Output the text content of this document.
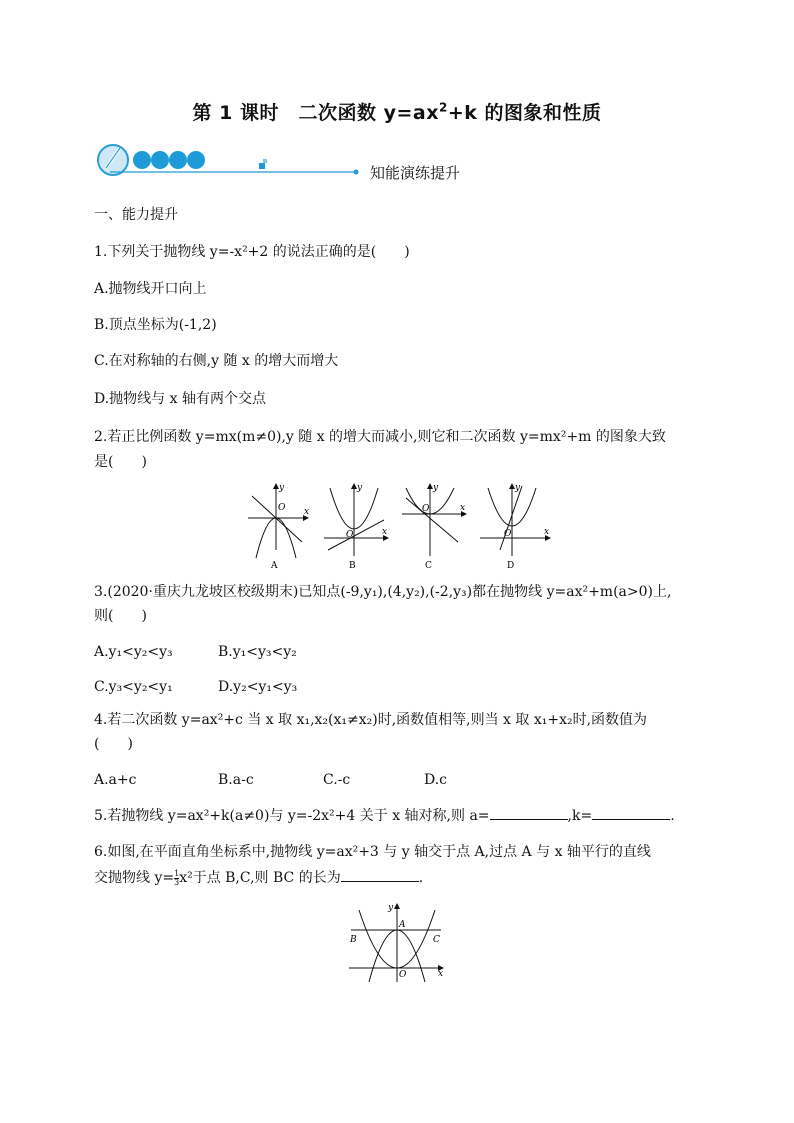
第 1 课时　二次函数 $y=ax^2+k$ 的图象和性质
知能演练提升
一、能力提升
1.下列关于抛物线 y=-x²+2 的说法正确的是(　　)
A.抛物线开口向上
B.顶点坐标为(-1,2)
C.在对称轴的右侧,y 随 x 的增大而增大
D.抛物线与 x 轴有两个交点
2.若正比例函数 y=mx(m≠0),y 随 x 的增大而减小,则它和二次函数 y=mx²+m 的图象大致
是(　　)
y
x
O
A
y
x
O
B
y
x
O
C
y
x
O
D
3.(2020·重庆九龙坡区校级期末)已知点(-9,y₁),(4,y₂),(-2,y₃)都在抛物线 y=ax²+m(a>0)上,
则(　　)
A.y₁<y₂<y₃	B.y₁<y₃<y₂
C.y₃<y₂<y₁	D.y₂<y₁<y₃
4.若二次函数 y=ax²+c 当 x 取 x₁,x₂(x₁≠x₂)时,函数值相等,则当 x 取 x₁+x₂时,函数值为
(　　)
A.a+c	B.a-c	C.-c	D.c
5.若抛物线 y=ax²+k(a≠0)与 y=-2x²+4 关于 x 轴对称,则 a=	,k=	.
6.如图,在平面直角坐标系中,抛物线 y=ax²+3 与 y 轴交于点 A,过点 A 与 x 轴平行的直线
交抛物线 $y= \frac{1}{3} x^2$于点 B,C,则 BC 的长为	.
y
x
O
A
B	C
